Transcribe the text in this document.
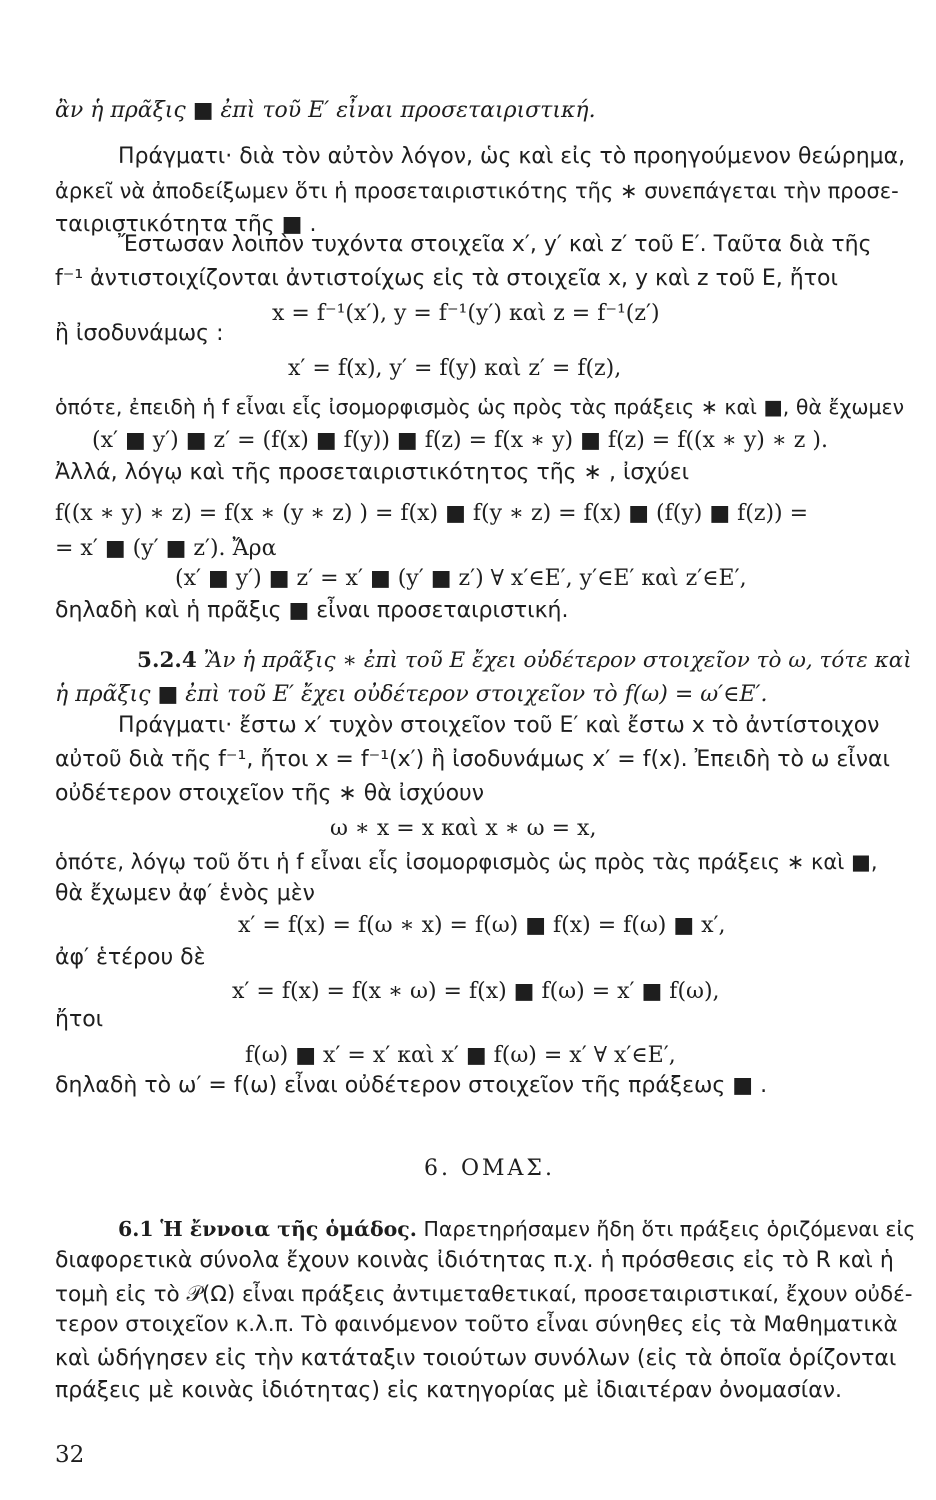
ἂν ἡ πρᾶξις ■ ἐπὶ τοῦ Ε′ εἶναι προσεταιριστική.
Πράγματι· διὰ τὸν αὐτὸν λόγον, ὡς καὶ εἰς τὸ προηγούμενον θεώρημα,
ἀρκεῖ νὰ ἀποδείξωμεν ὅτι ἡ προσεταιριστικότης τῆς ∗ συνεπάγεται τὴν προσε-
ταιριστικότητα τῆς ■ .
Ἔστωσαν λοιπὸν τυχόντα στοιχεῖα x′, y′ καὶ z′ τοῦ Ε′. Ταῦτα διὰ τῆς
f⁻¹ ἀντιστοιχίζονται ἀντιστοίχως εἰς τὰ στοιχεῖα x, y καὶ z τοῦ Ε, ἤτοι
x = f⁻¹(x′), y = f⁻¹(y′) καὶ z = f⁻¹(z′)
ἢ ἰσοδυνάμως :
x′ = f(x), y′ = f(y) καὶ z′ = f(z),
ὁπότε, ἐπειδὴ ἡ f εἶναι εἷς ἰσομορφισμὸς ὡς πρὸς τὰς πράξεις ∗ καὶ ■, θὰ ἔχωμεν
(x′ ■ y′) ■ z′ = (f(x) ■ f(y)) ■ f(z) = f(x ∗ y) ■ f(z) = f((x ∗ y) ∗ z ).
Ἀλλά, λόγῳ καὶ τῆς προσεταιριστικότητος τῆς ∗ , ἰσχύει
f((x ∗ y) ∗ z) = f(x ∗ (y ∗ z) ) = f(x) ■ f(y ∗ z) = f(x) ■ (f(y) ■ f(z)) =
= x′ ■ (y′ ■ z′). Ἄρα
(x′ ■ y′) ■ z′ = x′ ■ (y′ ■ z′) ∀ x′∈Ε′, y′∈Ε′ καὶ z′∈Ε′,
δηλαδὴ καὶ ἡ πρᾶξις ■ εἶναι προσεταιριστική.
5.2.4 Ἂν ἡ πρᾶξις ∗ ἐπὶ τοῦ Ε ἔχει οὐδέτερον στοιχεῖον τὸ ω, τότε καὶ
ἡ πρᾶξις ■ ἐπὶ τοῦ Ε′ ἔχει οὐδέτερον στοιχεῖον τὸ f(ω) = ω′∈Ε′.
Πράγματι· ἔστω x′ τυχὸν στοιχεῖον τοῦ Ε′ καὶ ἔστω x τὸ ἀντίστοιχον
αὐτοῦ διὰ τῆς f⁻¹, ἤτοι x = f⁻¹(x′) ἢ ἰσοδυνάμως x′ = f(x). Ἐπειδὴ τὸ ω εἶναι
οὐδέτερον στοιχεῖον τῆς ∗ θὰ ἰσχύουν
ω ∗ x = x καὶ x ∗ ω = x,
ὁπότε, λόγῳ τοῦ ὅτι ἡ f εἶναι εἷς ἰσομορφισμὸς ὡς πρὸς τὰς πράξεις ∗ καὶ ■,
θὰ ἔχωμεν ἀφ′ ἑνὸς μὲν
x′ = f(x) = f(ω ∗ x) = f(ω) ■ f(x) = f(ω) ■ x′,
ἀφ′ ἑτέρου δὲ
x′ = f(x) = f(x ∗ ω) = f(x) ■ f(ω) = x′ ■ f(ω),
ἤτοι
f(ω) ■ x′ = x′ καὶ x′ ■ f(ω) = x′ ∀ x′∈Ε′,
δηλαδὴ τὸ ω′ = f(ω) εἶναι οὐδέτερον στοιχεῖον τῆς πράξεως ■ .
6. ΟΜΑΣ.
6.1 Ἡ ἔννοια τῆς ὁμάδος. Παρετηρήσαμεν ἤδη ὅτι πράξεις ὁριζόμεναι εἰς
διαφορετικὰ σύνολα ἔχουν κοινὰς ἰδιότητας π.χ. ἡ πρόσθεσις εἰς τὸ R καὶ ἡ
τομὴ εἰς τὸ 𝒫(Ω) εἶναι πράξεις ἀντιμεταθετικαί, προσεταιριστικαί, ἔχουν οὐδέ-
τερον στοιχεῖον κ.λ.π. Τὸ φαινόμενον τοῦτο εἶναι σύνηθες εἰς τὰ Μαθηματικὰ
καὶ ὡδήγησεν εἰς τὴν κατάταξιν τοιούτων συνόλων (εἰς τὰ ὁποῖα ὁρίζονται
πράξεις μὲ κοινὰς ἰδιότητας) εἰς κατηγορίας μὲ ἰδιαιτέραν ὀνομασίαν.
32
